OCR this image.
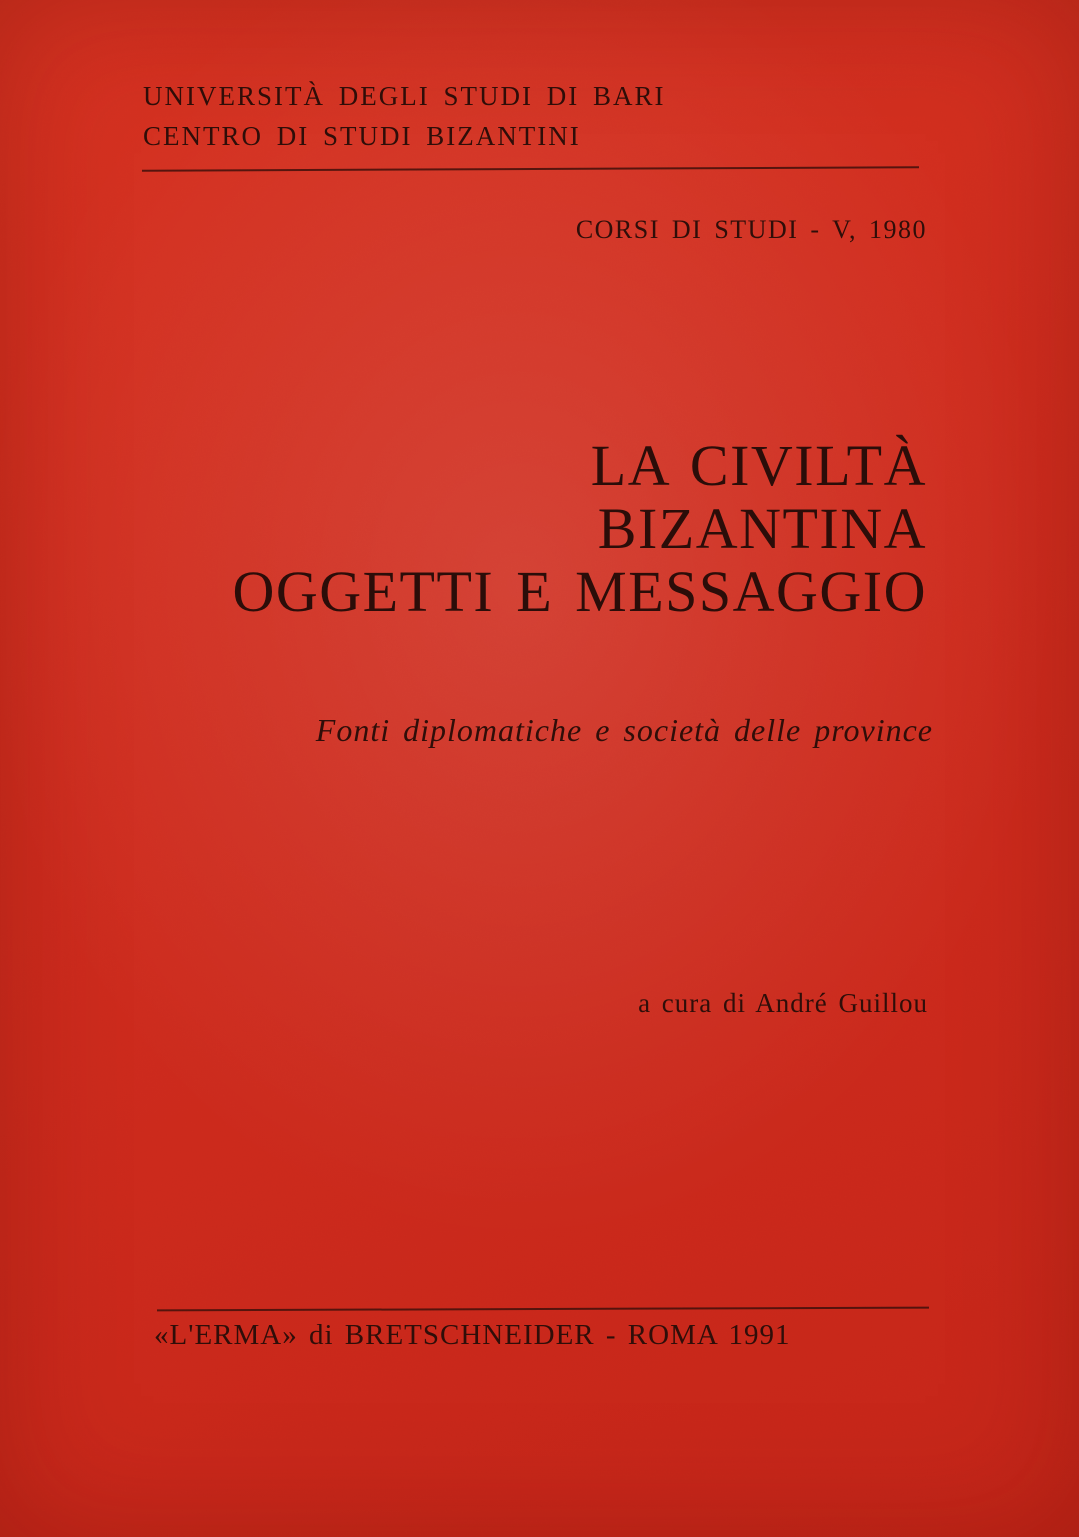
UNIVERSITÀ DEGLI STUDI DI BARI
CENTRO DI STUDI BIZANTINI
CORSI DI STUDI - V, 1980
LA CIVILTÀ
BIZANTINA
OGGETTI E MESSAGGIO
Fonti diplomatiche e società delle province
a cura di André Guillou
«L'ERMA» di BRETSCHNEIDER - ROMA 1991
